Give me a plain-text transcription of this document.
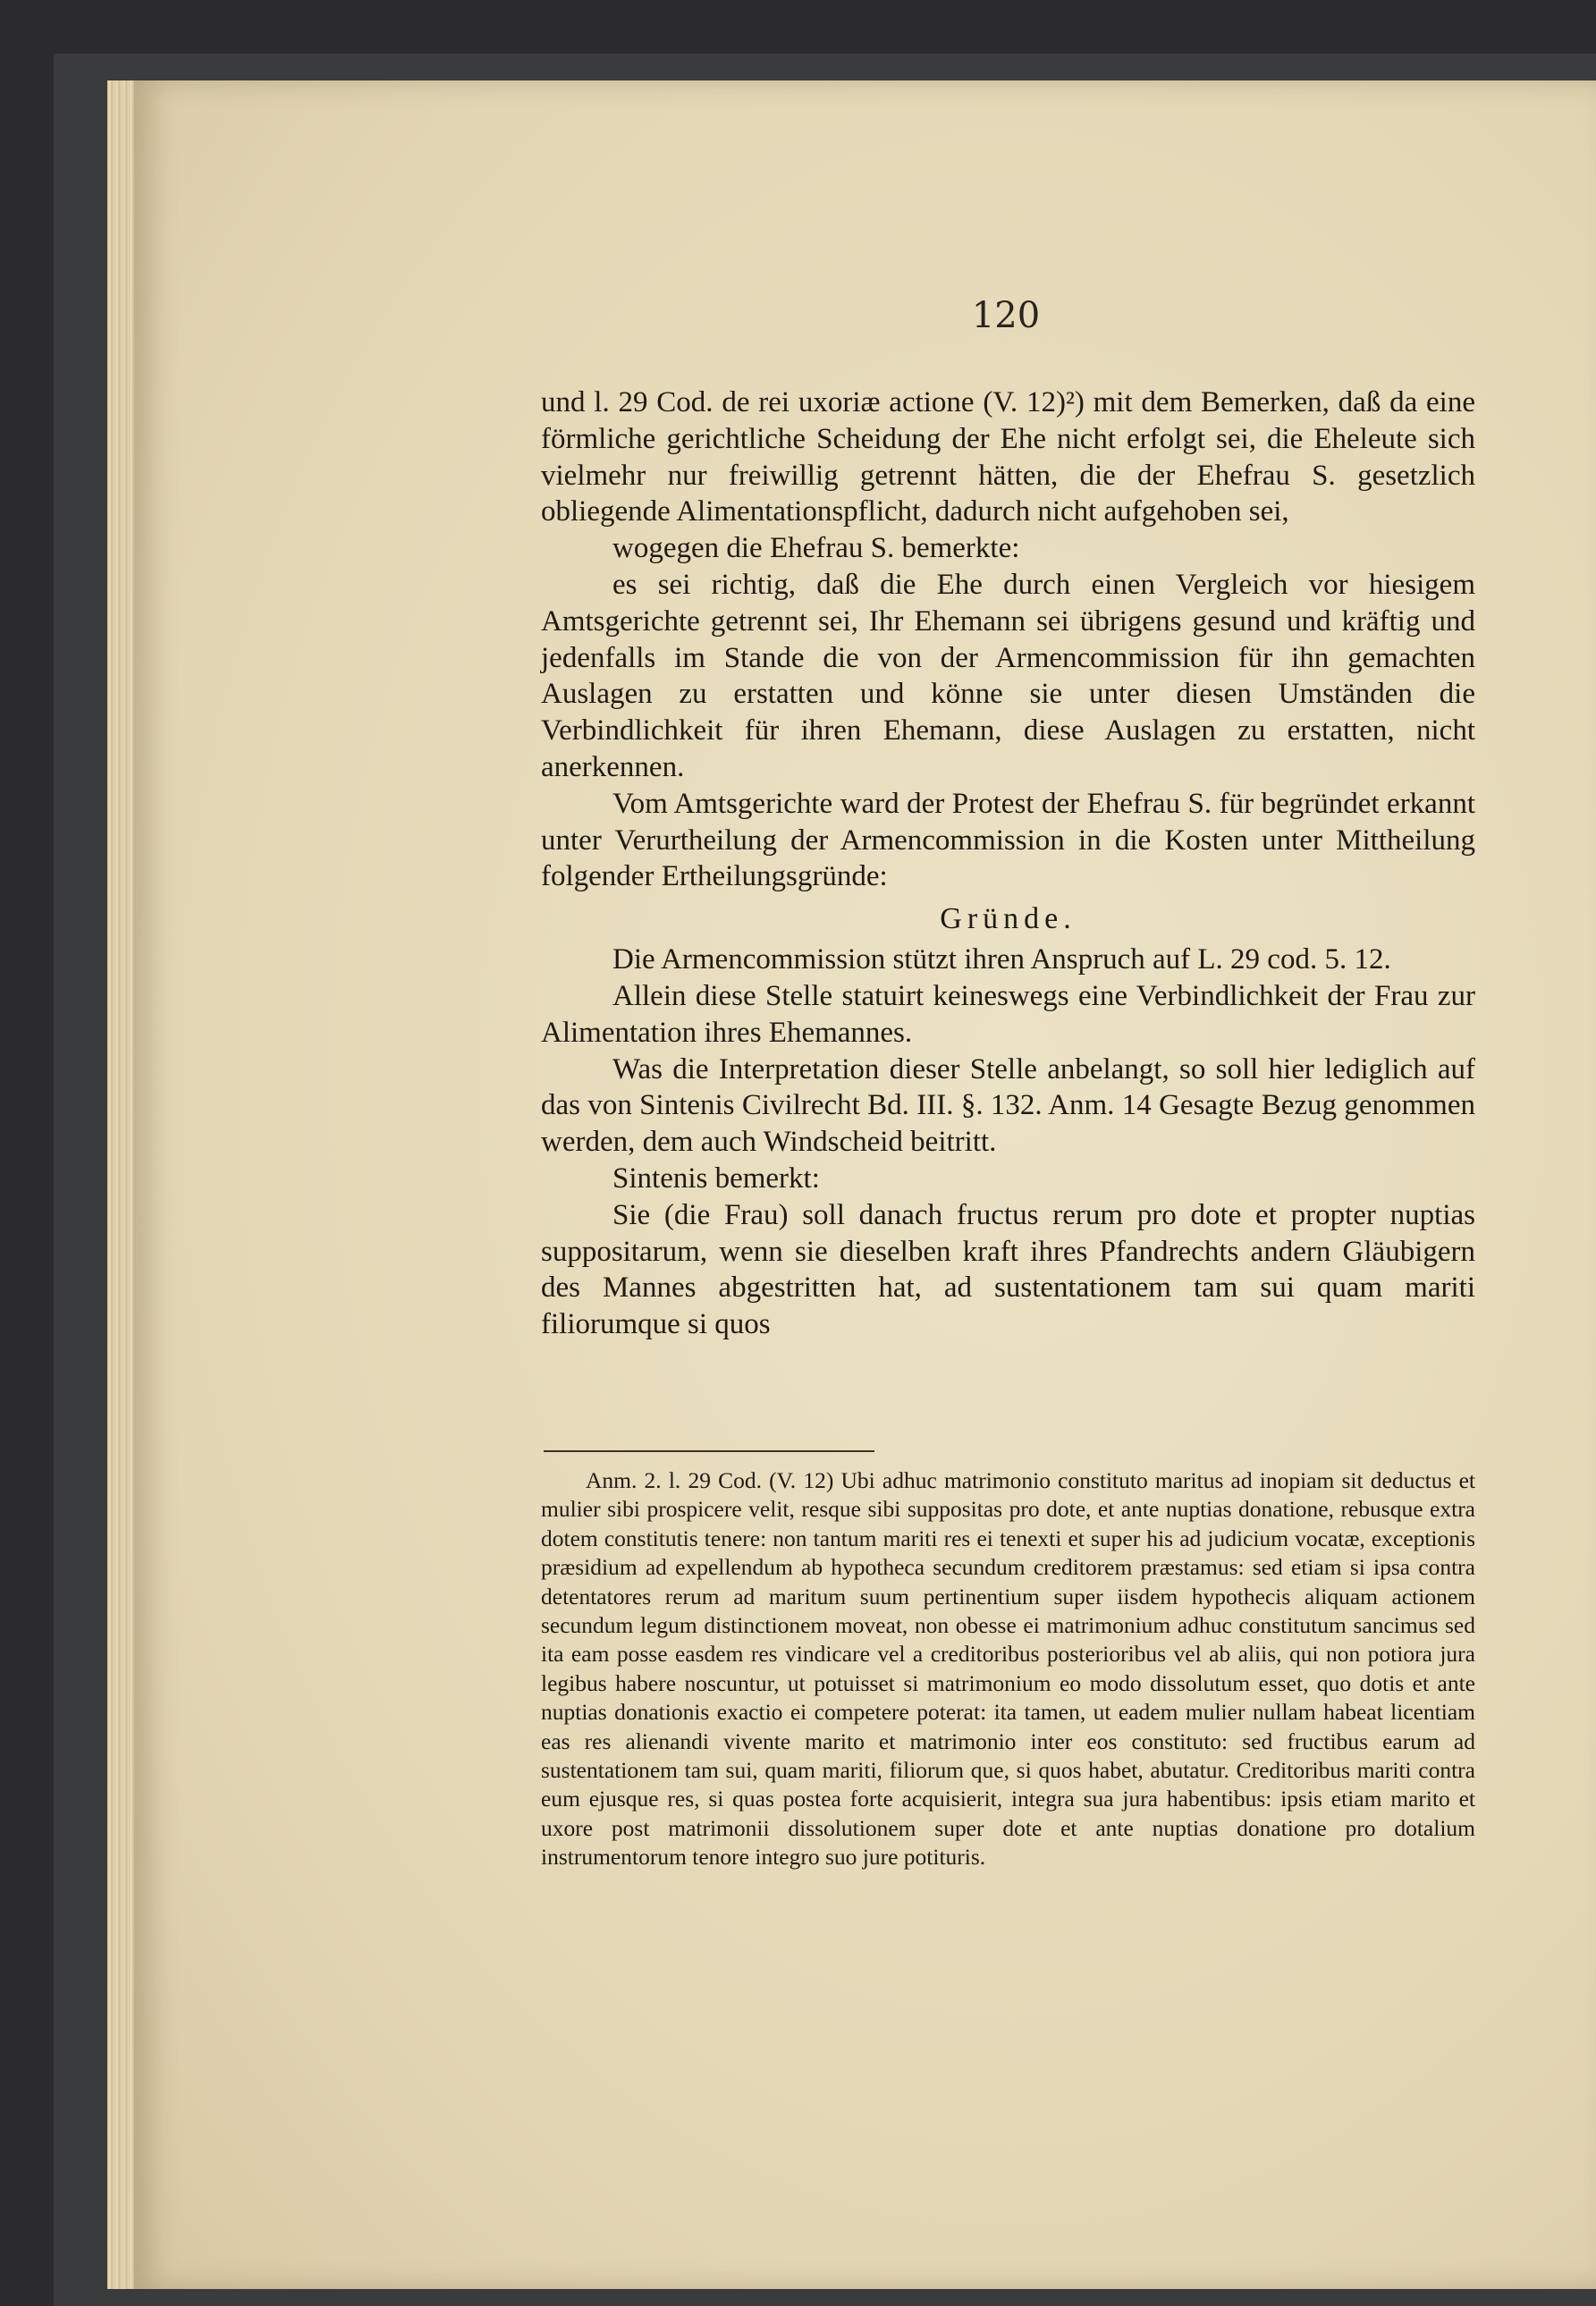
120

und l. 29 Cod. de rei uxoriæ actione (V. 12)²) mit dem Bemerken, daß da eine förmliche gerichtliche Scheidung der Ehe nicht erfolgt sei, die Eheleute sich vielmehr nur freiwillig getrennt hätten, die der Ehefrau S. gesetzlich obliegende Alimentationspflicht, dadurch nicht aufgehoben sei,

wogegen die Ehefrau S. bemerkte:

es sei richtig, daß die Ehe durch einen Vergleich vor hiesigem Amtsgerichte getrennt sei, Ihr Ehemann sei übrigens gesund und kräftig und jedenfalls im Stande die von der Armencommission für ihn gemachten Auslagen zu erstatten und könne sie unter diesen Umständen die Verbindlichkeit für ihren Ehemann, diese Auslagen zu erstatten, nicht anerkennen.

Vom Amtsgerichte ward der Protest der Ehefrau S. für begründet erkannt unter Verurtheilung der Armencommission in die Kosten unter Mittheilung folgender Ertheilungsgründe:

Gründe.

Die Armencommission stützt ihren Anspruch auf L. 29 cod. 5. 12.

Allein diese Stelle statuirt keineswegs eine Verbindlichkeit der Frau zur Alimentation ihres Ehemannes.

Was die Interpretation dieser Stelle anbelangt, so soll hier lediglich auf das von Sintenis Civilrecht Bd. III. §. 132. Anm. 14 Gesagte Bezug genommen werden, dem auch Windscheid beitritt.

Sintenis bemerkt:

Sie (die Frau) soll danach fructus rerum pro dote et propter nuptias suppositarum, wenn sie dieselben kraft ihres Pfandrechts andern Gläubigern des Mannes abgestritten hat, ad sustentationem tam sui quam mariti filiorumque si quos

Anm. 2. l. 29 Cod. (V. 12) Ubi adhuc matrimonio constituto maritus ad inopiam sit deductus et mulier sibi prospicere velit, resque sibi suppositas pro dote, et ante nuptias donatione, rebusque extra dotem constitutis tenere: non tantum mariti res ei tenexti et super his ad judicium vocatæ, exceptionis præsidium ad expellendum ab hypotheca secundum creditorem præstamus: sed etiam si ipsa contra detentatores rerum ad maritum suum pertinentium super iisdem hypothecis aliquam actionem secundum legum distinctionem moveat, non obesse ei matrimonium adhuc constitutum sancimus sed ita eam posse easdem res vindicare vel a creditoribus posterioribus vel ab aliis, qui non potiora jura legibus habere noscuntur, ut potuisset si matrimonium eo modo dissolutum esset, quo dotis et ante nuptias donationis exactio ei competere poterat: ita tamen, ut eadem mulier nullam habeat licentiam eas res alienandi vivente marito et matrimonio inter eos constituto: sed fructibus earum ad sustentationem tam sui, quam mariti, filiorum que, si quos habet, abutatur. Creditoribus mariti contra eum ejusque res, si quas postea forte acquisierit, integra sua jura habentibus: ipsis etiam marito et uxore post matrimonii dissolutionem super dote et ante nuptias donatione pro dotalium instrumentorum tenore integro suo jure potituris.
